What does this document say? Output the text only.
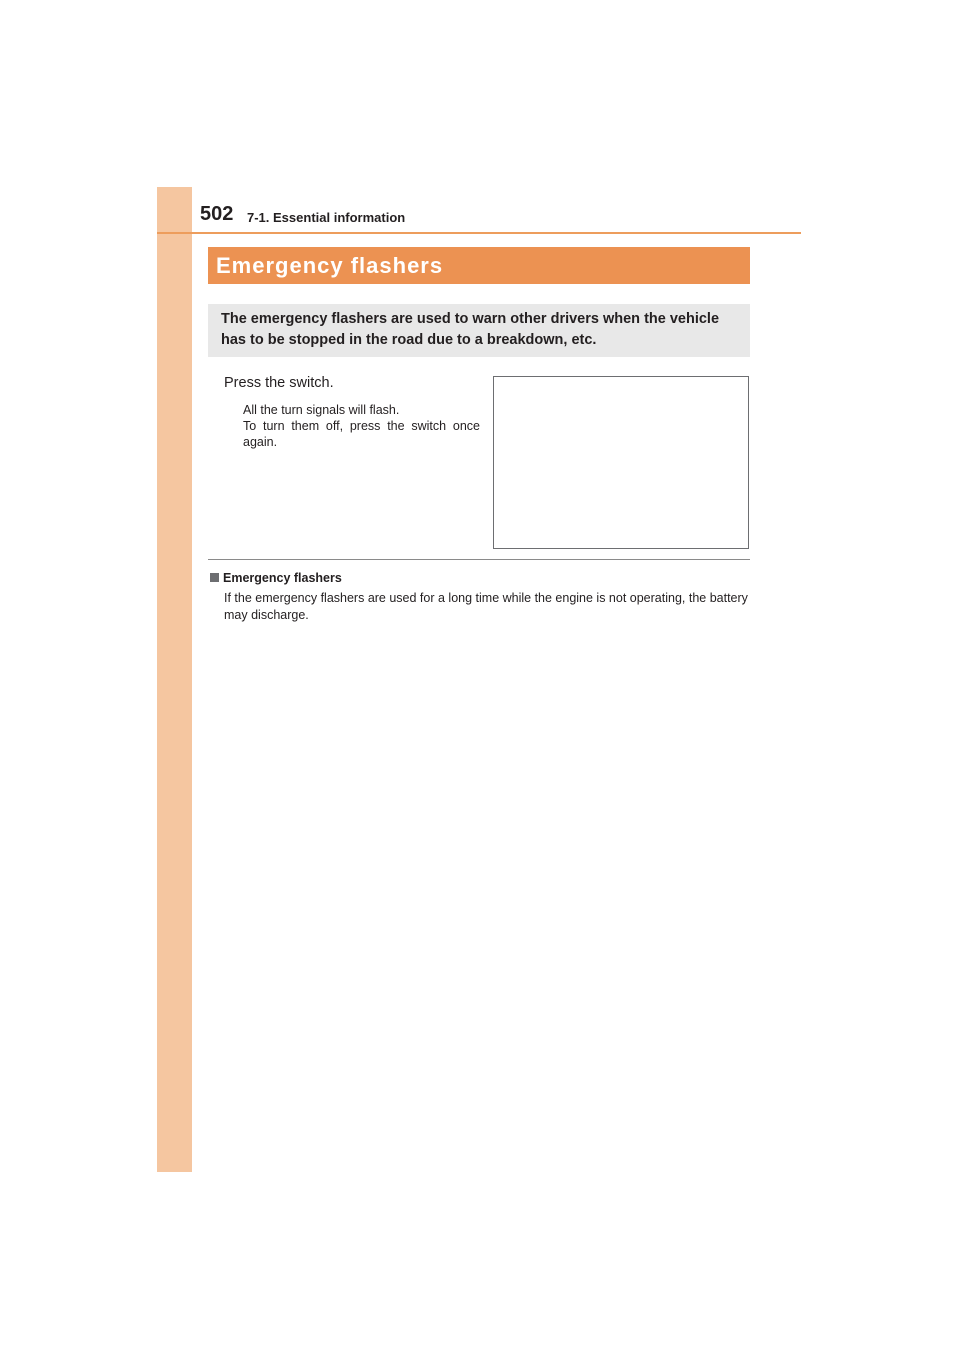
502 7-1. Essential information
Emergency flashers
The emergency flashers are used to warn other drivers when the vehicle has to be stopped in the road due to a breakdown, etc.
Press the switch.

All the turn signals will flash.

To turn them off, press the switch once again.

Emergency flashers
If the emergency flashers are used for a long time while the engine is not operating, the battery may discharge.
